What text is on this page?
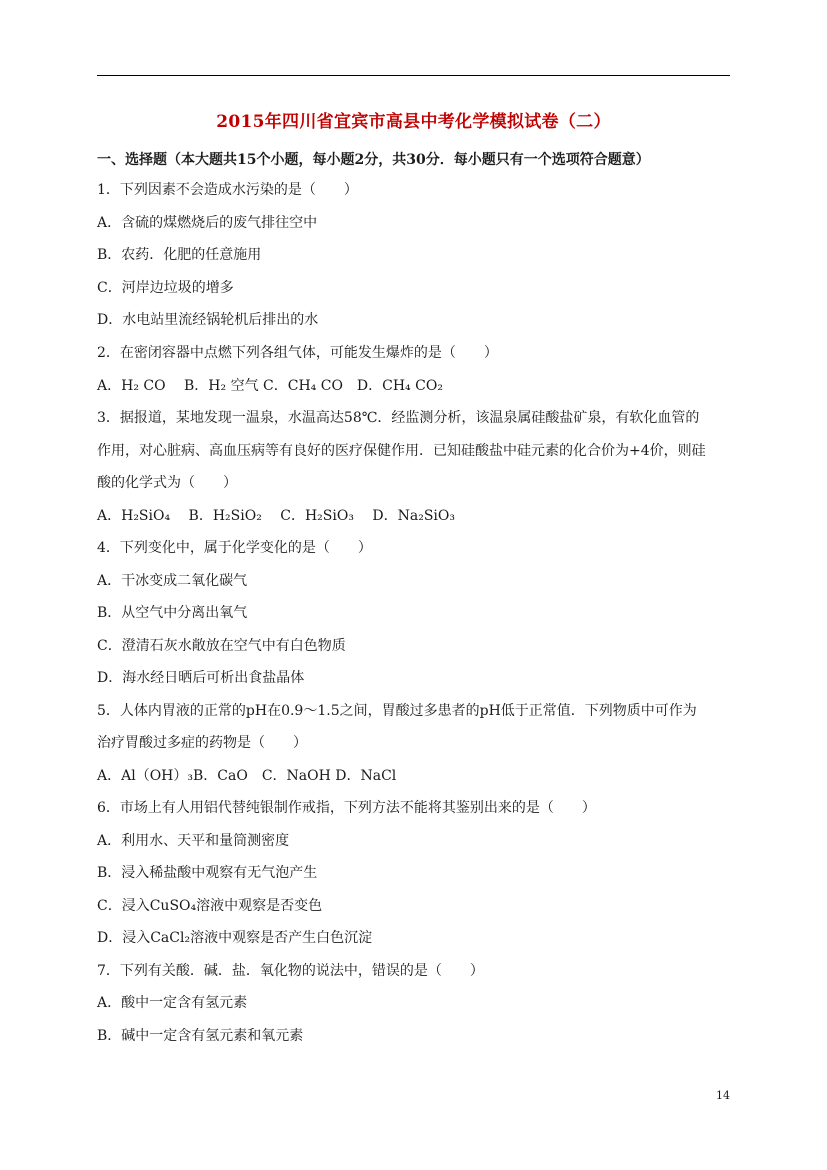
2015年四川省宜宾市高县中考化学模拟试卷（二）
一、选择题（本大题共15个小题，每小题2分，共30分．每小题只有一个选项符合题意）
1．下列因素不会造成水污染的是（　　）
A．含硫的煤燃烧后的废气排往空中
B．农药．化肥的任意施用
C．河岸边垃圾的增多
D．水电站里流经锅轮机后排出的水
2．在密闭容器中点燃下列各组气体，可能发生爆炸的是（　　）
A．H₂ CO　 B．H₂ 空气 C．CH₄ CO　D．CH₄ CO₂
3．据报道，某地发现一温泉，水温高达58℃．经监测分析，该温泉属硅酸盐矿泉，有软化血管的
作用，对心脏病、高血压病等有良好的医疗保健作用．已知硅酸盐中硅元素的化合价为+4价，则硅
酸的化学式为（　　）
A．H₂SiO₄　 B．H₂SiO₂　 C．H₂SiO₃　 D．Na₂SiO₃
4．下列变化中，属于化学变化的是（　　）
A．干冰变成二氧化碳气
B．从空气中分离出氧气
C．澄清石灰水敞放在空气中有白色物质
D．海水经日晒后可析出食盐晶体
5．人体内胃液的正常的pH在0.9～1.5之间，胃酸过多患者的pH低于正常值．下列物质中可作为
治疗胃酸过多症的药物是（　　）
A．Al（OH）₃B．CaO　C．NaOH D．NaCl
6．市场上有人用铝代替纯银制作戒指，下列方法不能将其鉴别出来的是（　　）
A．利用水、天平和量筒测密度
B．浸入稀盐酸中观察有无气泡产生
C．浸入CuSO₄溶液中观察是否变色
D．浸入CaCl₂溶液中观察是否产生白色沉淀
7．下列有关酸．碱．盐．氧化物的说法中，错误的是（　　）
A．酸中一定含有氢元素
B．碱中一定含有氢元素和氧元素
14
